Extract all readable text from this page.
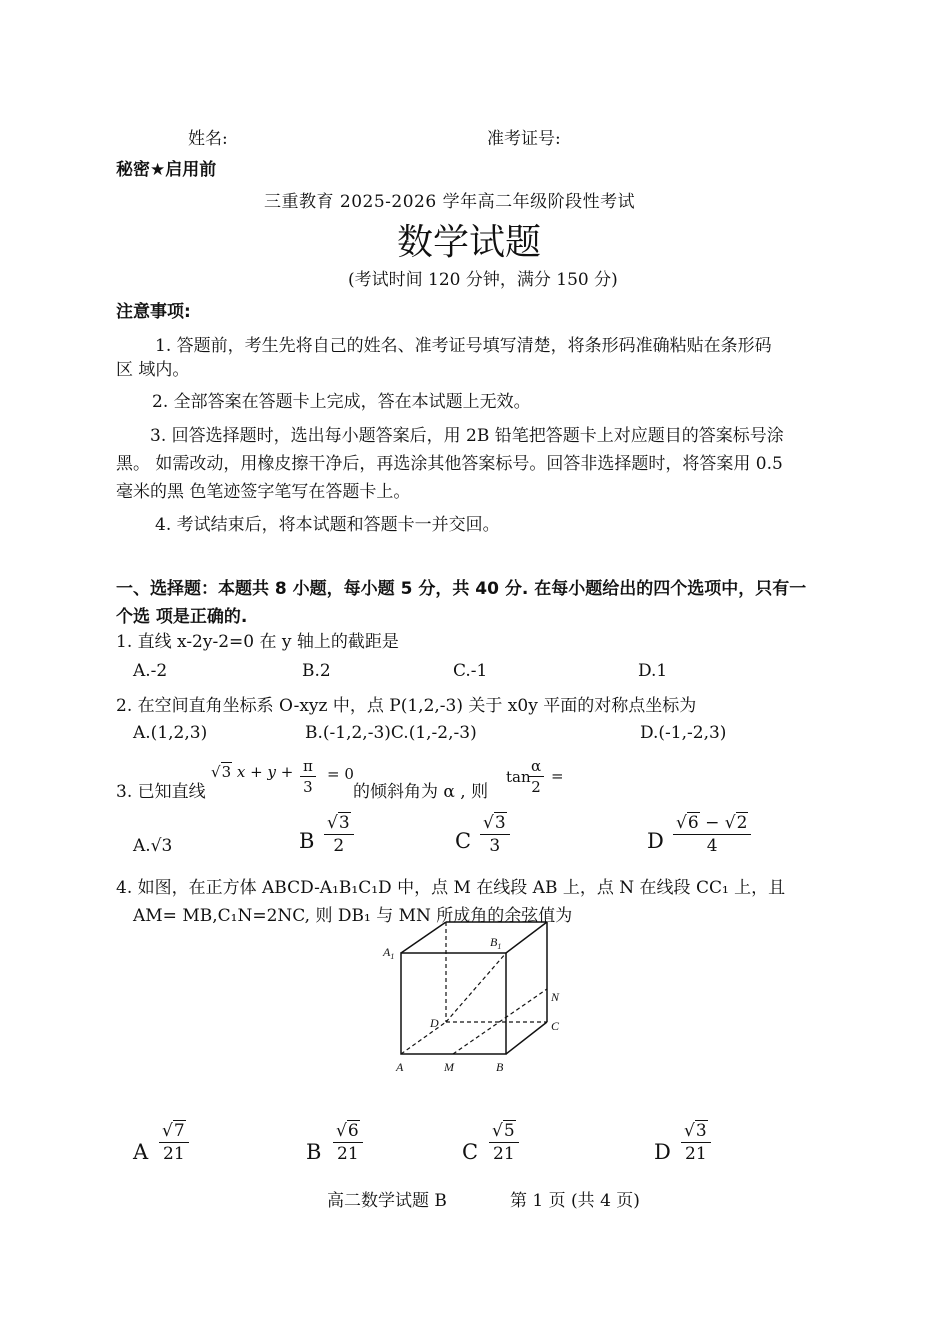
姓名:	准考证号:
秘密★启用前
三重教育 2025-2026 学年高二年级阶段性考试
数学试题
(考试时间 120 分钟，满分 150 分)
注意事项:
1. 答题前，考生先将自己的姓名、准考证号填写清楚，将条形码准确粘贴在条形码
区 域内。
2. 全部答案在答题卡上完成，答在本试题上无效。
3. 回答选择题时，选出每小题答案后，用 2B 铅笔把答题卡上对应题目的答案标号涂
黑。 如需改动，用橡皮擦干净后，再选涂其他答案标号。回答非选择题时，将答案用 0.5
毫米的黑 色笔迹签字笔写在答题卡上。
4. 考试结束后，将本试题和答题卡一并交回。
一、选择题：本题共 8 小题，每小题 5 分，共 40 分. 在每小题给出的四个选项中，只有一
个选 项是正确的.
1. 直线 x-2y-2=0 在 y 轴上的截距是
A.-2	B.2	C.-1	D.1
2. 在空间直角坐标系 O-xyz 中，点 P(1,2,-3) 关于 x0y 平面的对称点坐标为
A.(1,2,3)	B.(-1,2,-3)C.(1,-2,-3)	D.(-1,-2,3)
3. 已知直线
√3 $x + y + \frac{\pi}{3} = 0$
的倾斜角为 α , 则
tan
$\frac{\alpha}{2}$ =
A.√3	B $\frac{√3}{2}$	C $\frac{√3}{3}$	D $\frac{√6 - √2}{4}$
4. 如图，在正方体 ABCD-A₁B₁C₁D 中，点 M 在线段 AB 上，点 N 在线段 CC₁ 上，且
AM= MB,C₁N=2NC, 则 DB₁ 与 MN 所成角的余弦值为
$A_1$
$B_1$
N
D	C
A	M	B
A $\frac{√7}{21}$	B $\frac{√6}{21}$	C $\frac{√5}{21}$	D $\frac{√3}{21}$
高二数学试题 B	第 1 页 (共 4 页)
